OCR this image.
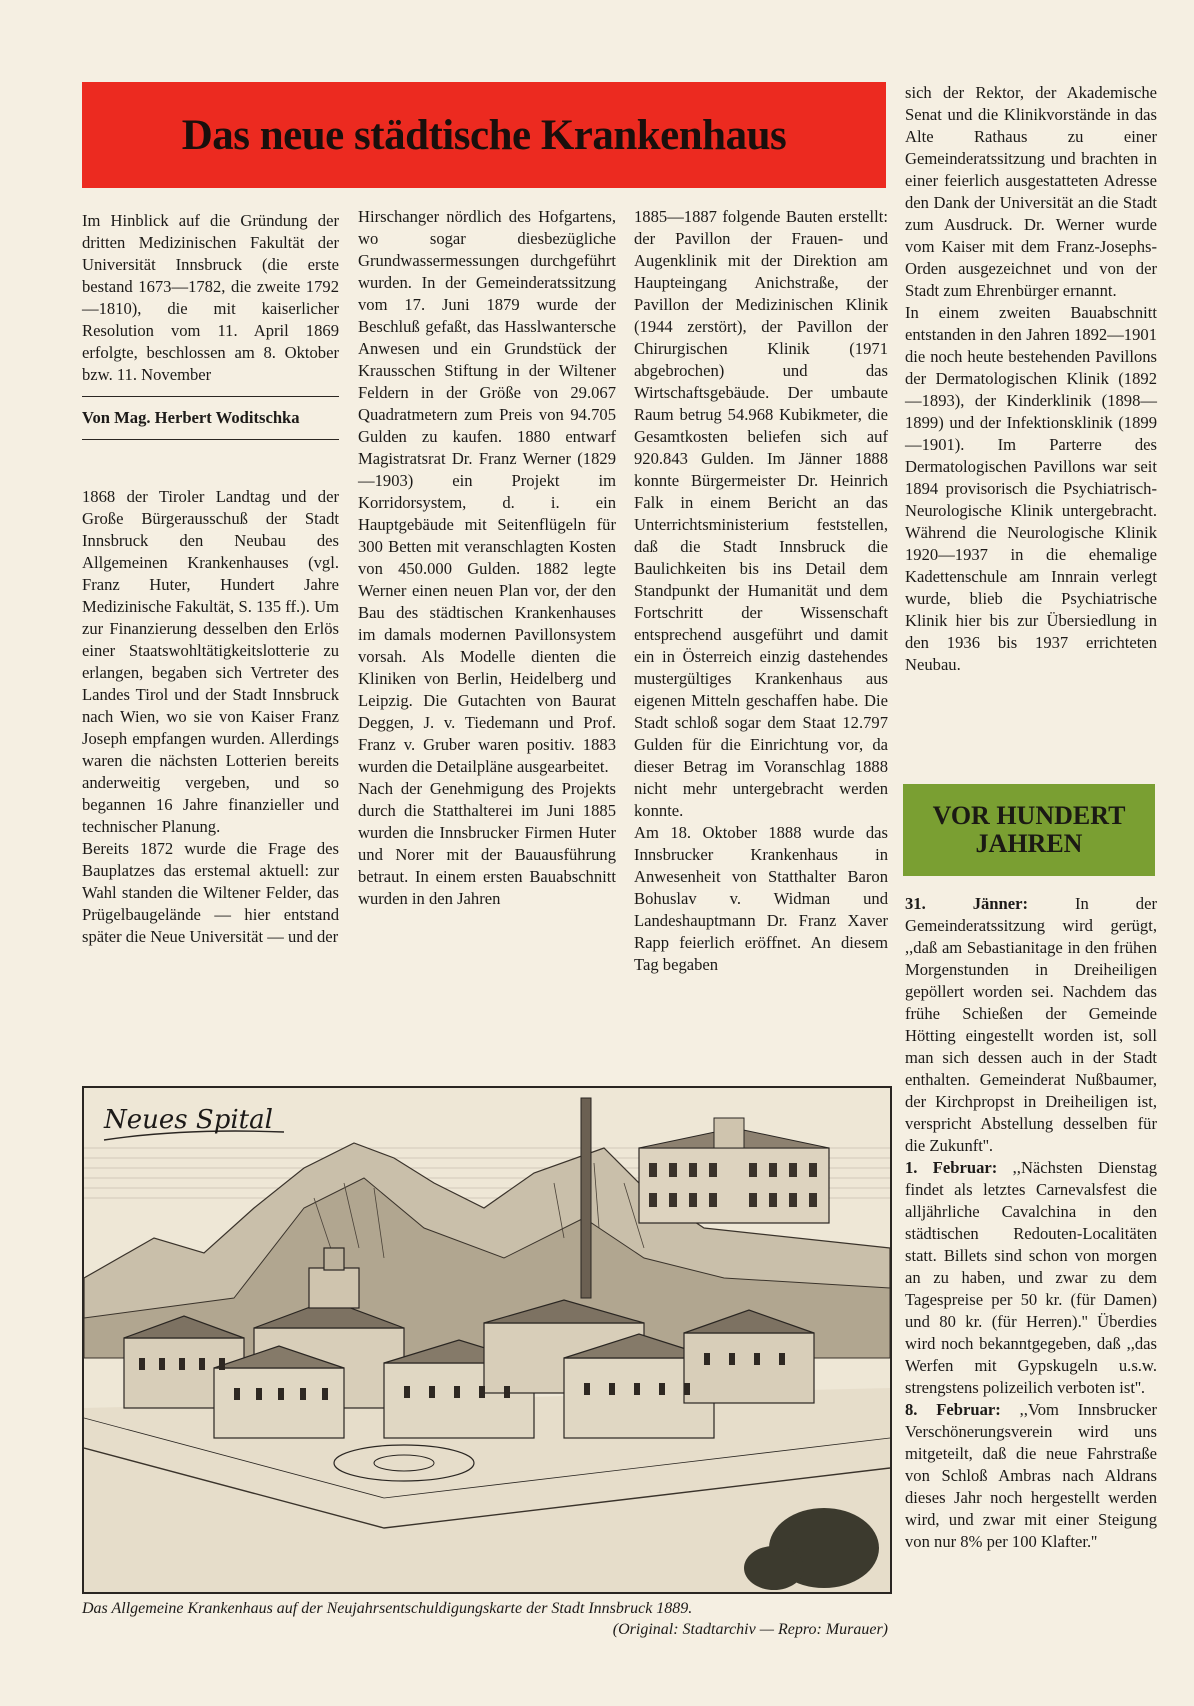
Das neue städtische Krankenhaus

Im Hinblick auf die Gründung der dritten Medizinischen Fakultät der Universität Innsbruck (die erste bestand 1673—1782, die zweite 1792—1810), die mit kaiserlicher Resolution vom 11. April 1869 erfolgte, beschlossen am 8. Oktober bzw. 11. November

Von Mag. Herbert Woditschka

1868 der Tiroler Landtag und der Große Bürgerausschuß der Stadt Innsbruck den Neubau des Allgemeinen Krankenhauses (vgl. Franz Huter, Hundert Jahre Medizinische Fakultät, S. 135 ff.). Um zur Finanzierung desselben den Erlös einer Staatswohltätigkeitslotterie zu erlangen, begaben sich Vertreter des Landes Tirol und der Stadt Innsbruck nach Wien, wo sie von Kaiser Franz Joseph empfangen wurden. Allerdings waren die nächsten Lotterien bereits anderweitig vergeben, und so begannen 16 Jahre finanzieller und technischer Planung.

Bereits 1872 wurde die Frage des Bauplatzes das erstemal aktuell: zur Wahl standen die Wiltener Felder, das Prügelbaugelände — hier entstand später die Neue Universität — und der

Hirschanger nördlich des Hofgartens, wo sogar diesbezügliche Grundwassermessungen durchgeführt wurden. In der Gemeinderatssitzung vom 17. Juni 1879 wurde der Beschluß gefaßt, das Hasslwantersche Anwesen und ein Grundstück der Krausschen Stiftung in der Wiltener Feldern in der Größe von 29.067 Quadratmetern zum Preis von 94.705 Gulden zu kaufen. 1880 entwarf Magistratsrat Dr. Franz Werner (1829—1903) ein Projekt im Korridorsystem, d. i. ein Hauptgebäude mit Seitenflügeln für 300 Betten mit veranschlagten Kosten von 450.000 Gulden. 1882 legte Werner einen neuen Plan vor, der den Bau des städtischen Krankenhauses im damals modernen Pavillonsystem vorsah. Als Modelle dienten die Kliniken von Berlin, Heidelberg und Leipzig. Die Gutachten von Baurat Deggen, J. v. Tiedemann und Prof. Franz v. Gruber waren positiv. 1883 wurden die Detailpläne ausgearbeitet.

Nach der Genehmigung des Projekts durch die Statthalterei im Juni 1885 wurden die Innsbrucker Firmen Huter und Norer mit der Bauausführung betraut. In einem ersten Bauabschnitt wurden in den Jahren

1885—1887 folgende Bauten erstellt: der Pavillon der Frauen- und Augenklinik mit der Direktion am Haupteingang Anichstraße, der Pavillon der Medizinischen Klinik (1944 zerstört), der Pavillon der Chirurgischen Klinik (1971 abgebrochen) und das Wirtschaftsgebäude. Der umbaute Raum betrug 54.968 Kubikmeter, die Gesamtkosten beliefen sich auf 920.843 Gulden. Im Jänner 1888 konnte Bürgermeister Dr. Heinrich Falk in einem Bericht an das Unterrichtsministerium feststellen, daß die Stadt Innsbruck die Baulichkeiten bis ins Detail dem Standpunkt der Humanität und dem Fortschritt der Wissenschaft entsprechend ausgeführt und damit ein in Österreich einzig dastehendes mustergültiges Krankenhaus aus eigenen Mitteln geschaffen habe. Die Stadt schloß sogar dem Staat 12.797 Gulden für die Einrichtung vor, da dieser Betrag im Voranschlag 1888 nicht mehr untergebracht werden konnte.

Am 18. Oktober 1888 wurde das Innsbrucker Krankenhaus in Anwesenheit von Statthalter Baron Bohuslav v. Widman und Landeshauptmann Dr. Franz Xaver Rapp feierlich eröffnet. An diesem Tag begaben

sich der Rektor, der Akademische Senat und die Klinikvorstände in das Alte Rathaus zu einer Gemeinderatssitzung und brachten in einer feierlich ausgestatteten Adresse den Dank der Universität an die Stadt zum Ausdruck. Dr. Werner wurde vom Kaiser mit dem Franz-Josephs-Orden ausgezeichnet und von der Stadt zum Ehrenbürger ernannt.

In einem zweiten Bauabschnitt entstanden in den Jahren 1892—1901 die noch heute bestehenden Pavillons der Dermatologischen Klinik (1892—1893), der Kinderklinik (1898—1899) und der Infektionsklinik (1899—1901). Im Parterre des Dermatologischen Pavillons war seit 1894 provisorisch die Psychiatrisch-Neurologische Klinik untergebracht. Während die Neurologische Klinik 1920—1937 in die ehemalige Kadettenschule am Innrain verlegt wurde, blieb die Psychiatrische Klinik hier bis zur Übersiedlung in den 1936 bis 1937 errichteten Neubau.

VOR HUNDERT JAHREN

31. Jänner:	In der Gemeinderatssitzung wird gerügt, ,,daß am Sebastianitage in den frühen Morgenstunden in Dreiheiligen gepöllert worden sei. Nachdem das frühe Schießen der Gemeinde Hötting eingestellt worden ist, soll man sich dessen auch in der Stadt enthalten. Gemeinderat Nußbaumer, der Kirchpropst in Dreiheiligen ist, verspricht Abstellung desselben für die Zukunft''.

1. Februar: ,,Nächsten Dienstag findet als letztes Carnevalsfest die alljährliche Cavalchina in den städtischen Redouten-Localitäten statt. Billets sind schon von morgen an zu haben, und zwar zu dem Tagespreise per 50 kr. (für Damen) und 80 kr. (für Herren).'' Überdies wird noch bekanntgegeben, daß ,,das Werfen mit Gypskugeln u.s.w. strengstens polizeilich verboten ist''.

8. Februar: ,,Vom Innsbrucker Verschönerungsverein wird uns mitgeteilt, daß die neue Fahrstraße von Schloß Ambras nach Aldrans dieses Jahr noch hergestellt werden wird, und zwar mit einer Steigung von nur 8% per 100 Klafter.''

Neues Spital
Das Allgemeine Krankenhaus auf der Neujahrsentschuldigungskarte der Stadt Innsbruck 1889.
(Original: Stadtarchiv — Repro: Murauer)
